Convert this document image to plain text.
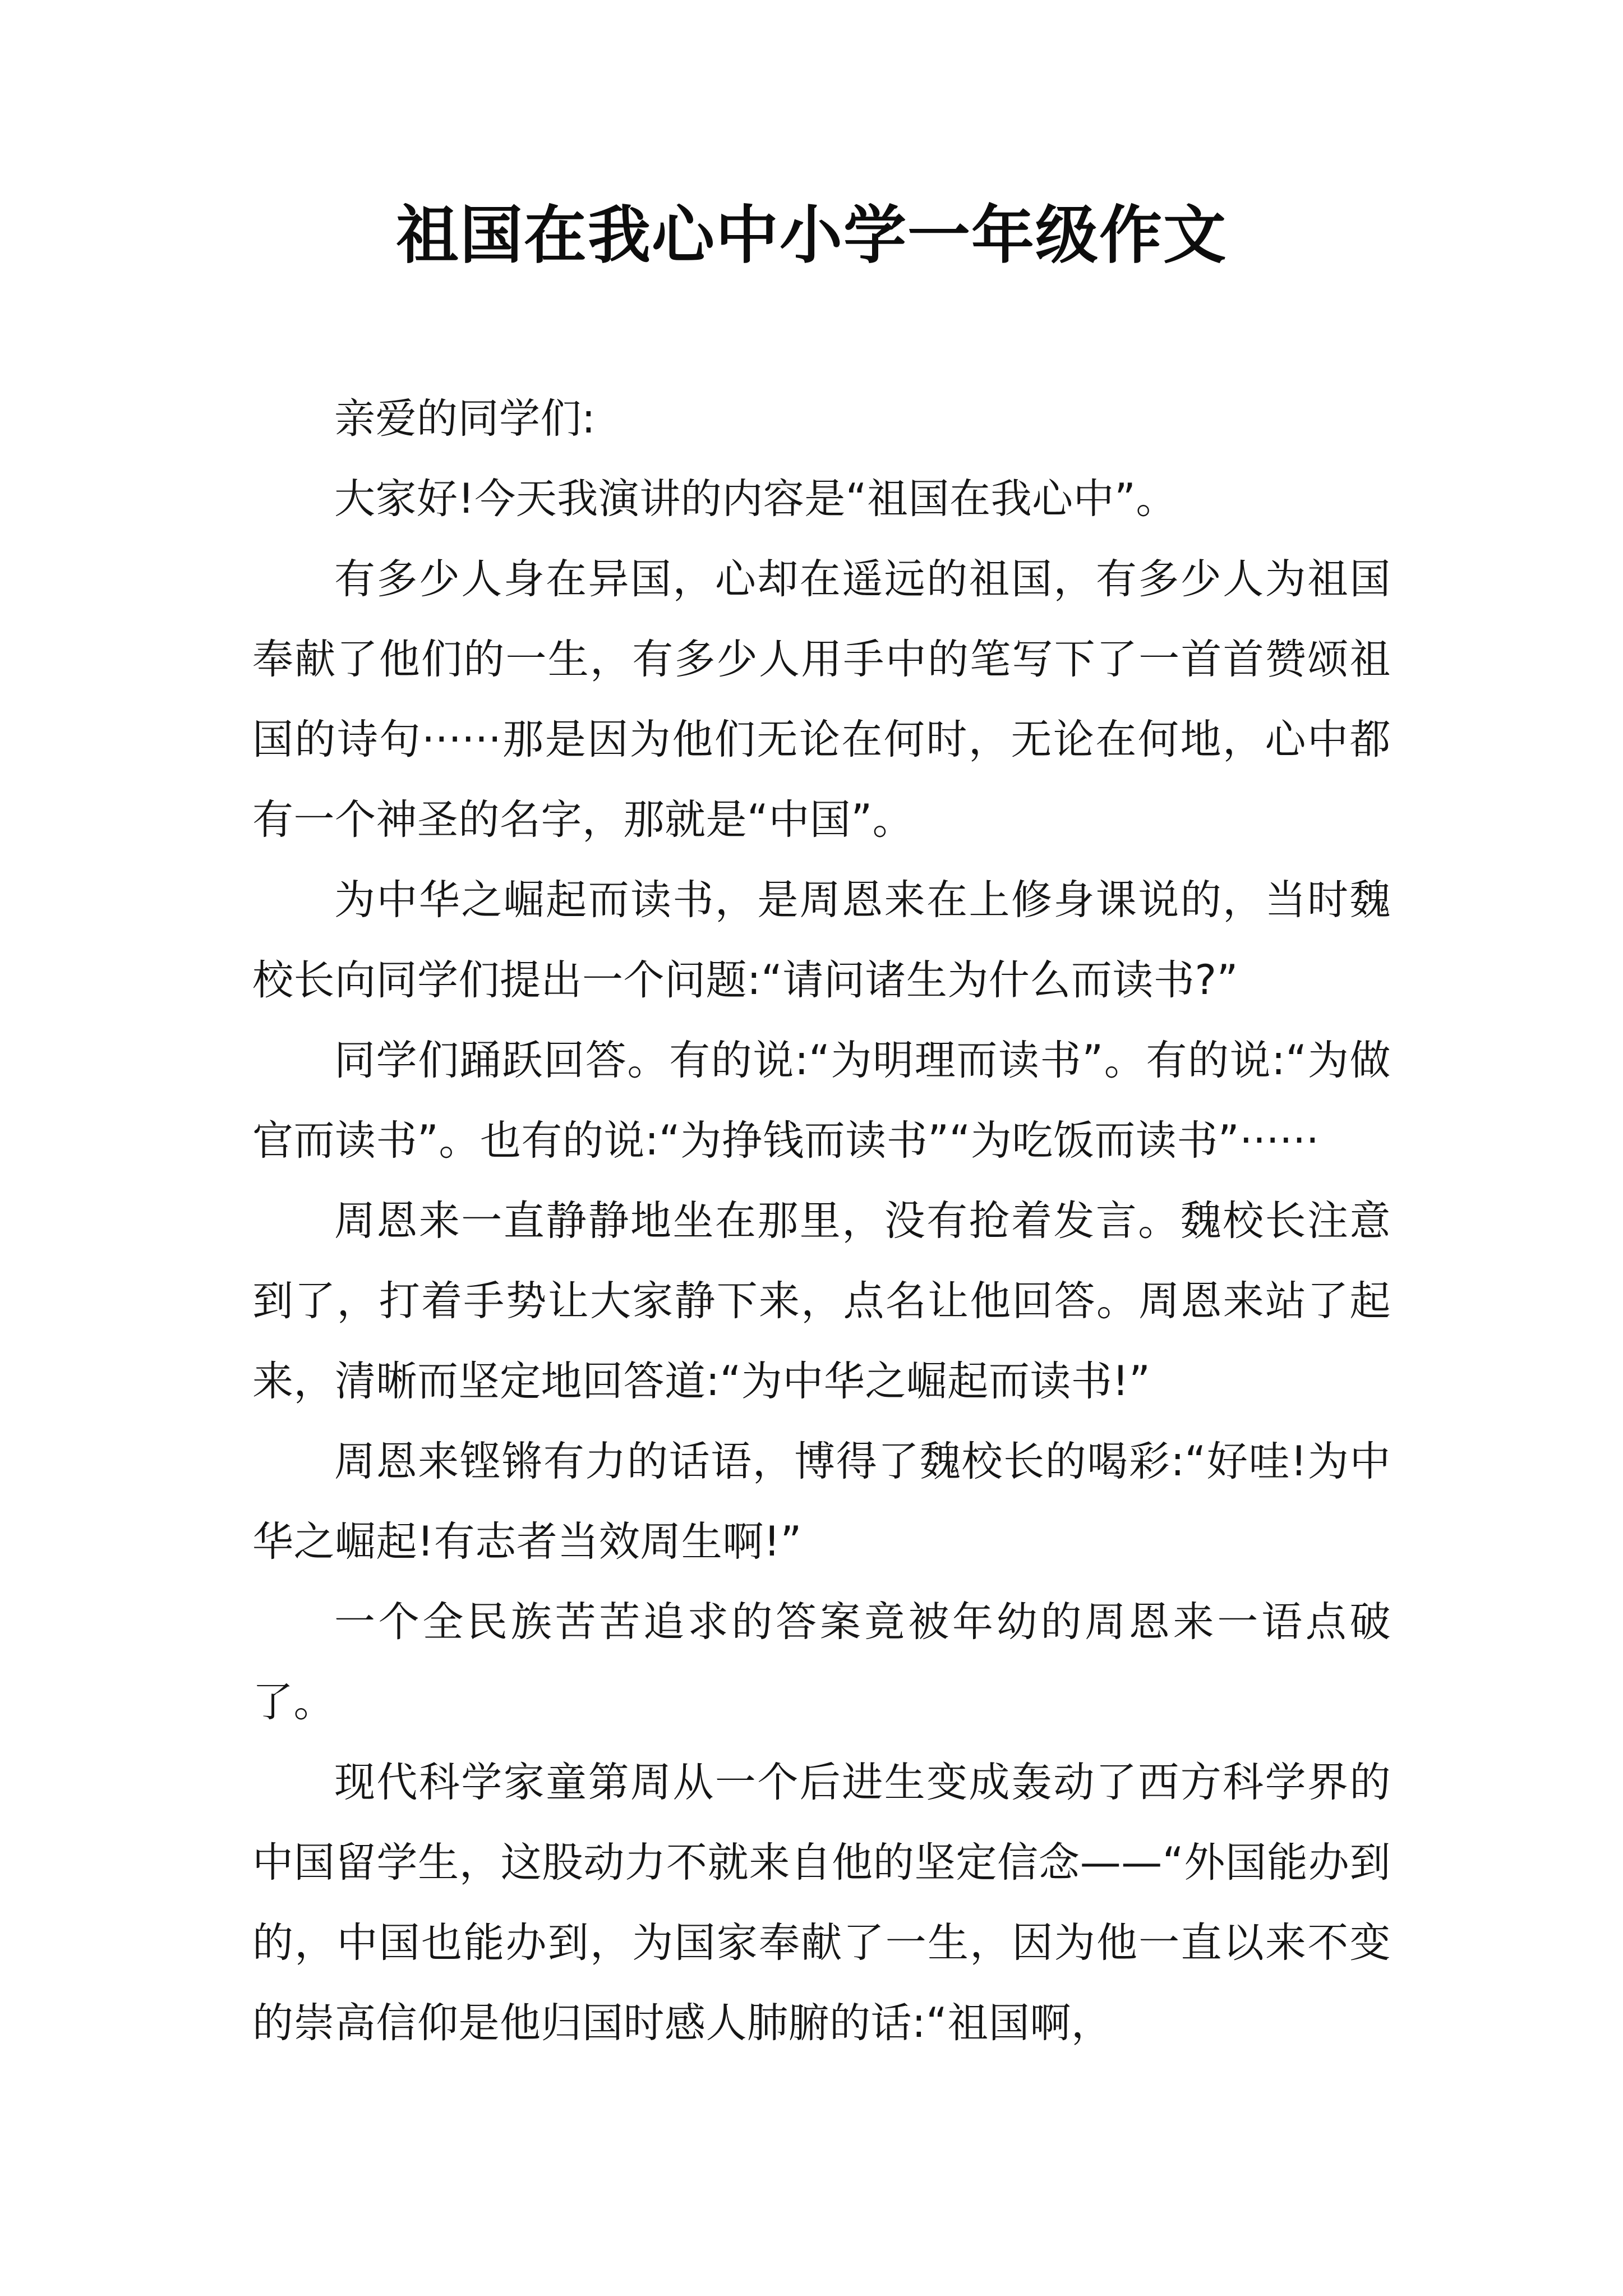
祖国在我心中小学一年级作文

亲爱的同学们:

大家好!今天我演讲的内容是“祖国在我心中”。

有多少人身在异国，心却在遥远的祖国，有多少人为祖国奉献了他们的一生，有多少人用手中的笔写下了一首首赞颂祖国的诗句······那是因为他们无论在何时，无论在何地，心中都有一个神圣的名字，那就是“中国”。

为中华之崛起而读书，是周恩来在上修身课说的，当时魏校长向同学们提出一个问题:“请问诸生为什么而读书?”

同学们踊跃回答。有的说:“为明理而读书”。有的说:“为做官而读书”。也有的说:“为挣钱而读书”“为吃饭而读书”······

周恩来一直静静地坐在那里，没有抢着发言。魏校长注意到了，打着手势让大家静下来，点名让他回答。周恩来站了起来，清晰而坚定地回答道:“为中华之崛起而读书!”

周恩来铿锵有力的话语，博得了魏校长的喝彩:“好哇!为中华之崛起!有志者当效周生啊!”

一个全民族苦苦追求的答案竟被年幼的周恩来一语点破了。

现代科学家童第周从一个后进生变成轰动了西方科学界的中国留学生，这股动力不就来自他的坚定信念——“外国能办到的，中国也能办到，为国家奉献了一生，因为他一直以来不变的崇高信仰是他归国时感人肺腑的话:“祖国啊，
